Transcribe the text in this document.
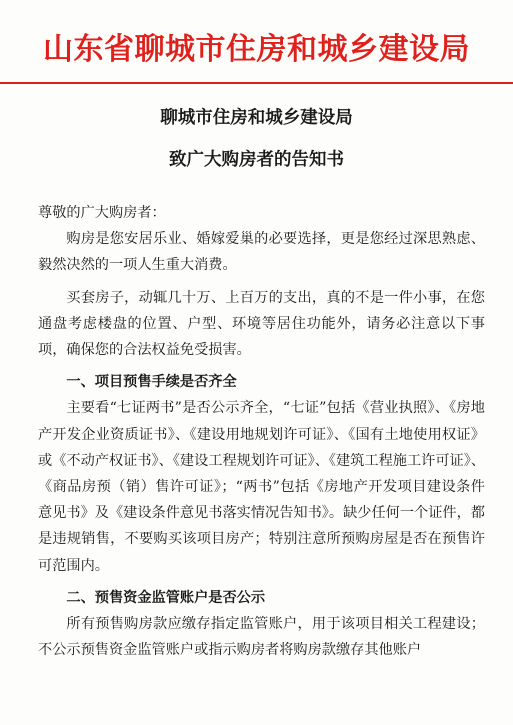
山东省聊城市住房和城乡建设局
聊城市住房和城乡建设局
致广大购房者的告知书

尊敬的广大购房者：

购房是您安居乐业、婚嫁爱巢的必要选择，更是您经过深思熟虑、毅然决然的一项人生重大消费。

买套房子，动辄几十万、上百万的支出，真的不是一件小事，在您通盘考虑楼盘的位置、户型、环境等居住功能外，请务必注意以下事项，确保您的合法权益免受损害。

一、项目预售手续是否齐全

主要看“七证两书”是否公示齐全，“七证”包括《营业执照》、《房地产开发企业资质证书》、《建设用地规划许可证》、《国有土地使用权证》或《不动产权证书》、《建设工程规划许可证》、《建筑工程施工许可证》、《商品房预（销）售许可证》；“两书”包括《房地产开发项目建设条件意见书》及《建设条件意见书落实情况告知书》。缺少任何一个证件，都是违规销售，不要购买该项目房产；特别注意所预购房屋是否在预售许可范围内。

二、预售资金监管账户是否公示

所有预售购房款应缴存指定监管账户，用于该项目相关工程建设；不公示预售资金监管账户或指示购房者将购房款缴存其他账户
